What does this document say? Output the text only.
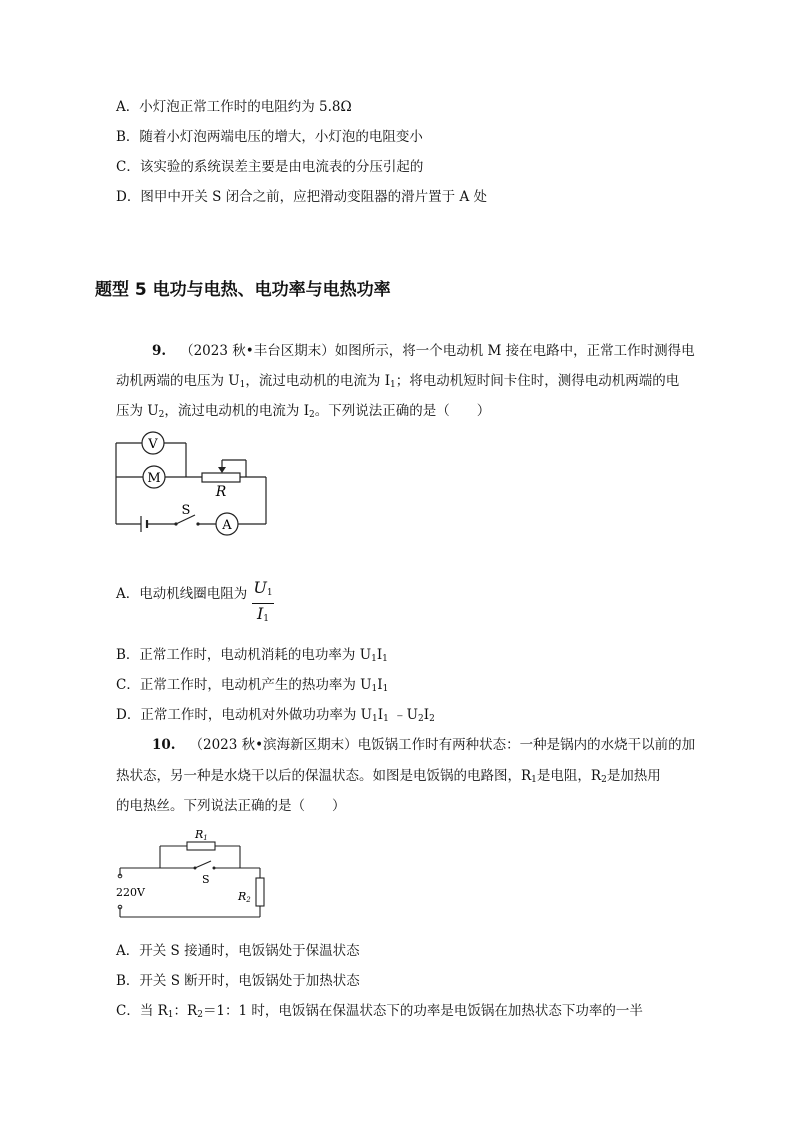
A．小灯泡正常工作时的电阻约为 5.8Ω
B．随着小灯泡两端电压的增大，小灯泡的电阻变小
C．该实验的系统误差主要是由电流表的分压引起的
D．图甲中开关 S 闭合之前，应把滑动变阻器的滑片置于 A 处
题型 5 电功与电热、电功率与电热功率
9. （2023 秋•丰台区期末）如图所示，将一个电动机 M 接在电路中，正常工作时测得电
动机两端的电压为 $U_1$，流过电动机的电流为 $I_1$；将电动机短时间卡住时，测得电动机两端的电
压为 $U_2$，流过电动机的电流为 $I_2$。下列说法正确的是（　　）
V
M
R
S
A
A．电动机线圈电阻为 $U_1$
$I_1$
B．正常工作时，电动机消耗的电功率为 $U_1I_1$
C．正常工作时，电动机产生的热功率为 $U_1I_1$
D．正常工作时，电动机对外做功功率为 $U_1I_1$ $﹣U_2I_2$
10. （2023 秋•滨海新区期末）电饭锅工作时有两种状态：一种是锅内的水烧干以前的加
热状态，另一种是水烧干以后的保温状态。如图是电饭锅的电路图，$R_1$是电阻，$R_2$是加热用
的电热丝。下列说法正确的是（　　）
R1
S
R2
220V
A．开关 S 接通时，电饭锅处于保温状态
B．开关 S 断开时，电饭锅处于加热状态
C．当 $R_1$：$R_2=1$：1 时，电饭锅在保温状态下的功率是电饭锅在加热状态下功率的一半
